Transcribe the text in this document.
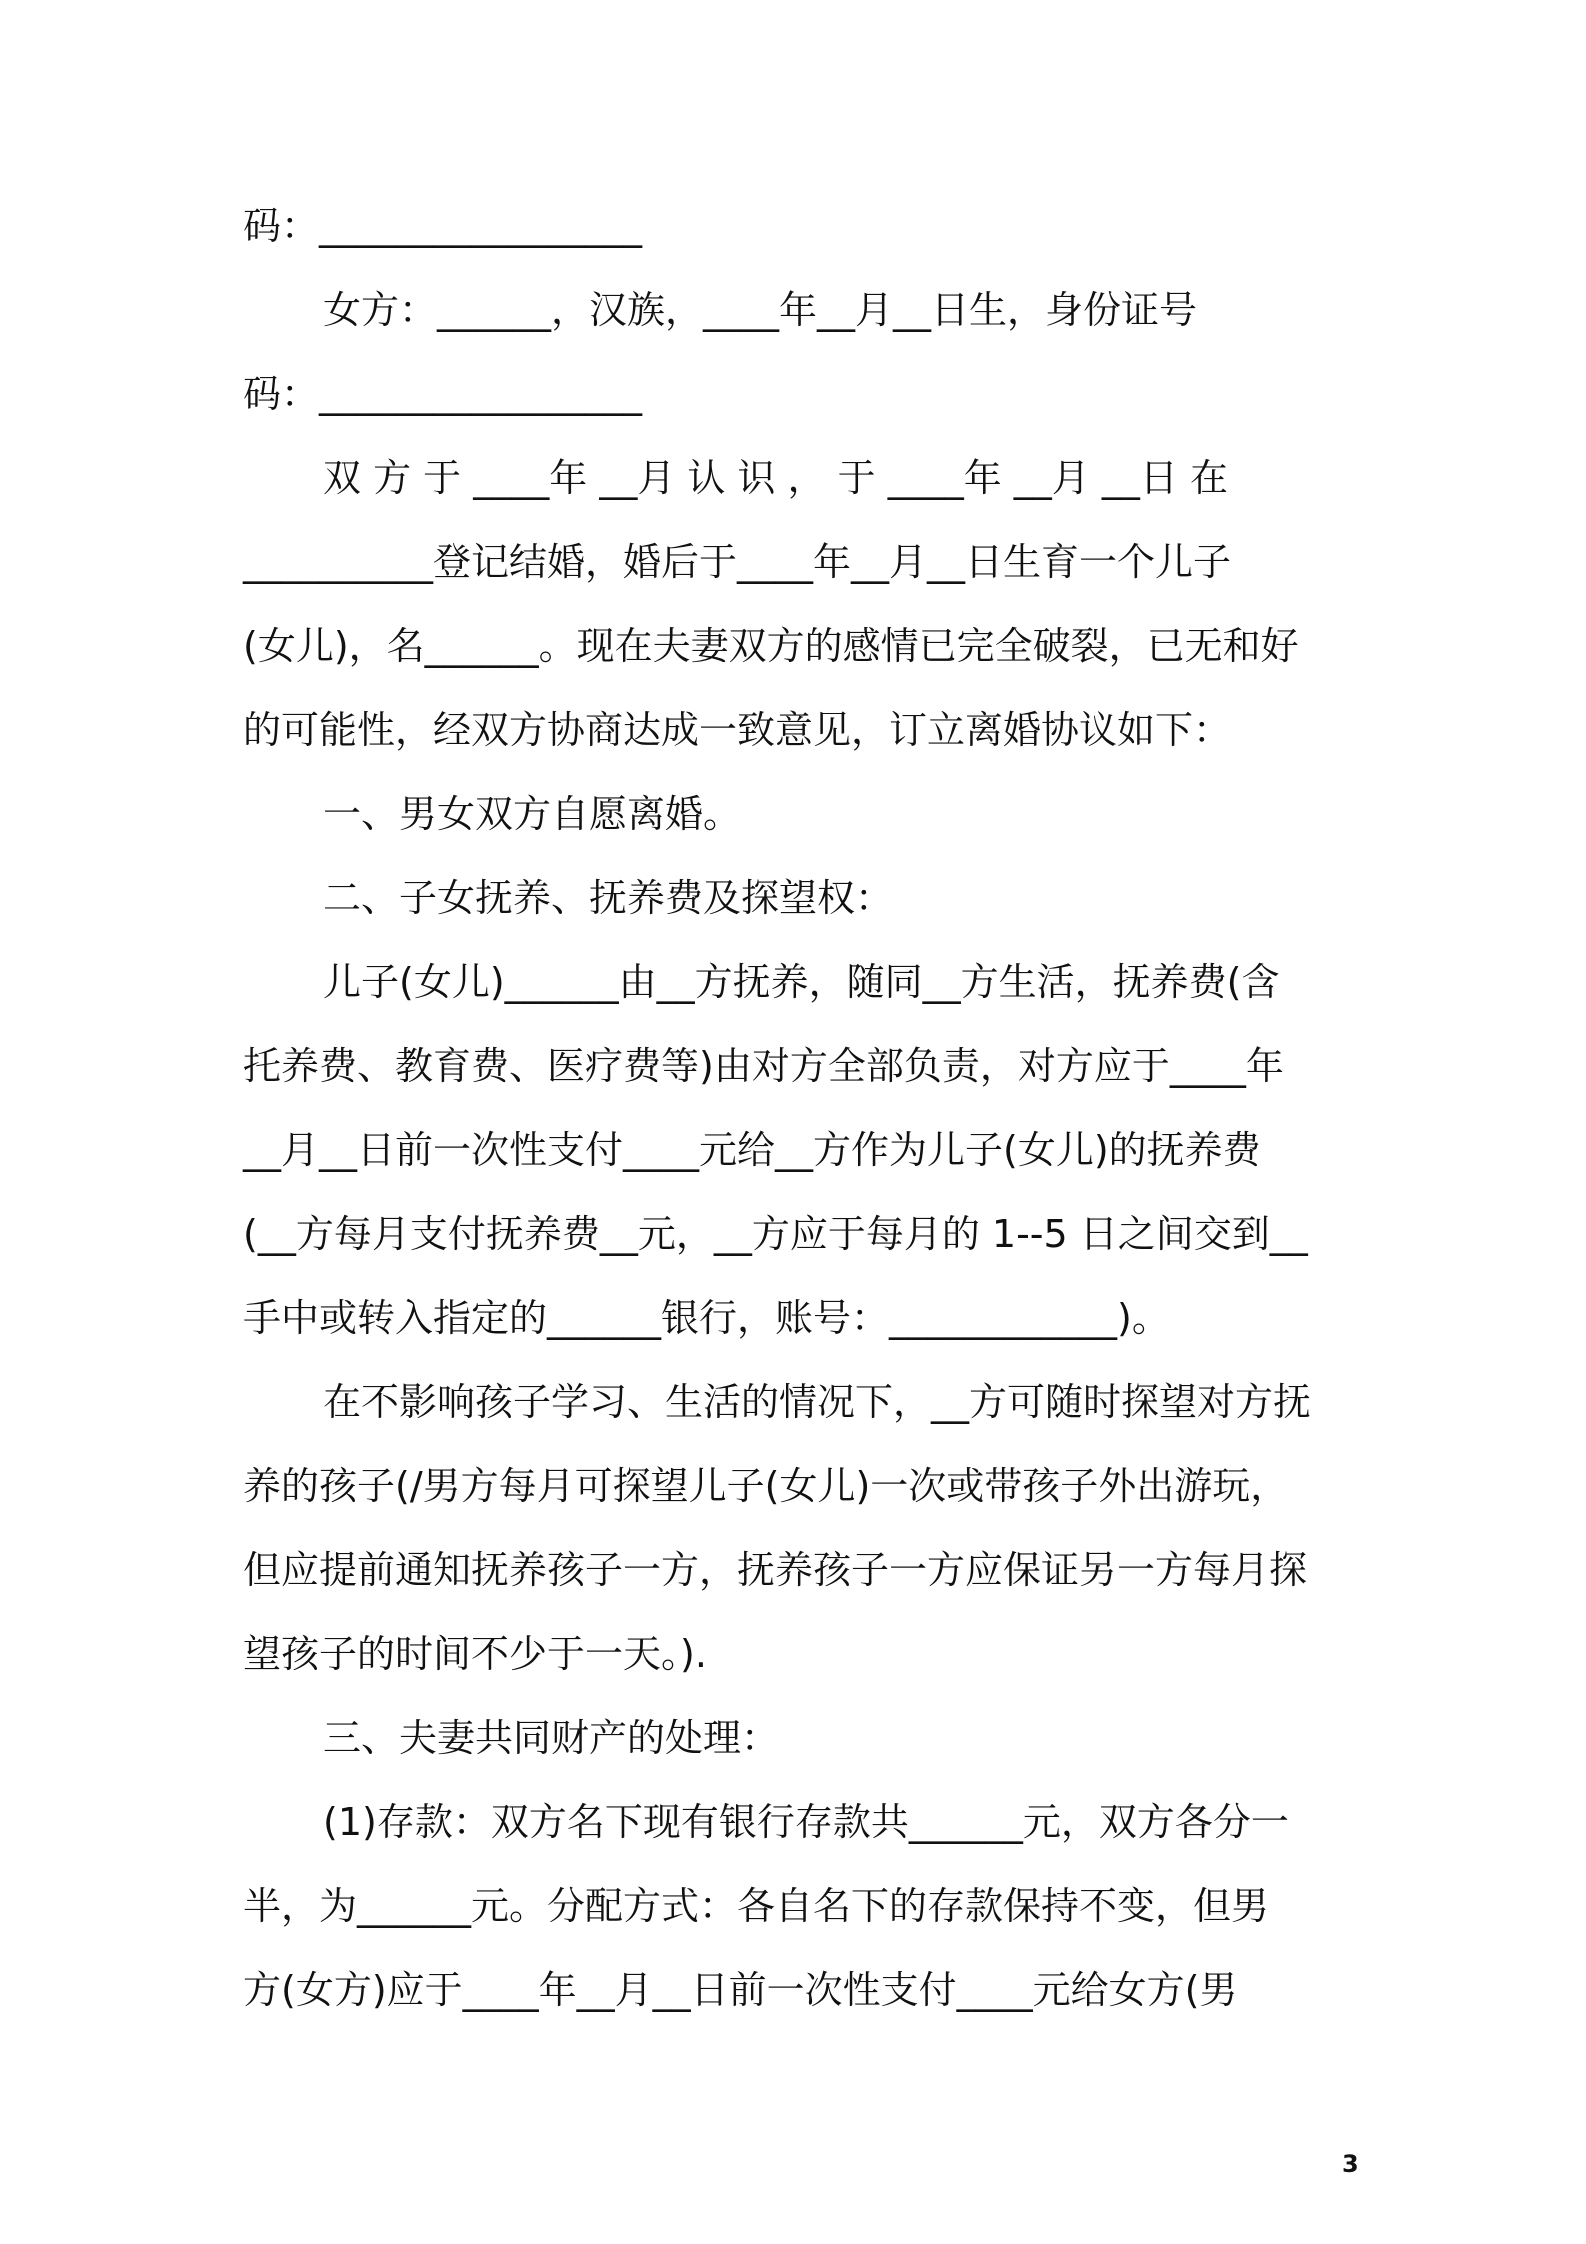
码：_________________
女方：______，汉族，____年__月__日生，身份证号
码：_________________
双 方 于 ____年 __月 认 识 ， 于 ____年 __月 __日 在
__________登记结婚，婚后于____年__月__日生育一个儿子
(女儿)，名______。现在夫妻双方的感情已完全破裂，已无和好
的可能性，经双方协商达成一致意见，订立离婚协议如下：
一、男女双方自愿离婚。
二、子女抚养、抚养费及探望权：
儿子(女儿)______由__方抚养，随同__方生活，抚养费(含
托养费、教育费、医疗费等)由对方全部负责，对方应于____年
__月__日前一次性支付____元给__方作为儿子(女儿)的抚养费
(__方每月支付抚养费__元，__方应于每月的 1--5 日之间交到__
手中或转入指定的______银行，账号：____________)。
在不影响孩子学习、生活的情况下，__方可随时探望对方抚
养的孩子(/男方每月可探望儿子(女儿)一次或带孩子外出游玩，
但应提前通知抚养孩子一方，抚养孩子一方应保证另一方每月探
望孩子的时间不少于一天。).
三、夫妻共同财产的处理：
(1)存款：双方名下现有银行存款共______元，双方各分一
半，为______元。分配方式：各自名下的存款保持不变，但男
方(女方)应于____年__月__日前一次性支付____元给女方(男
3
